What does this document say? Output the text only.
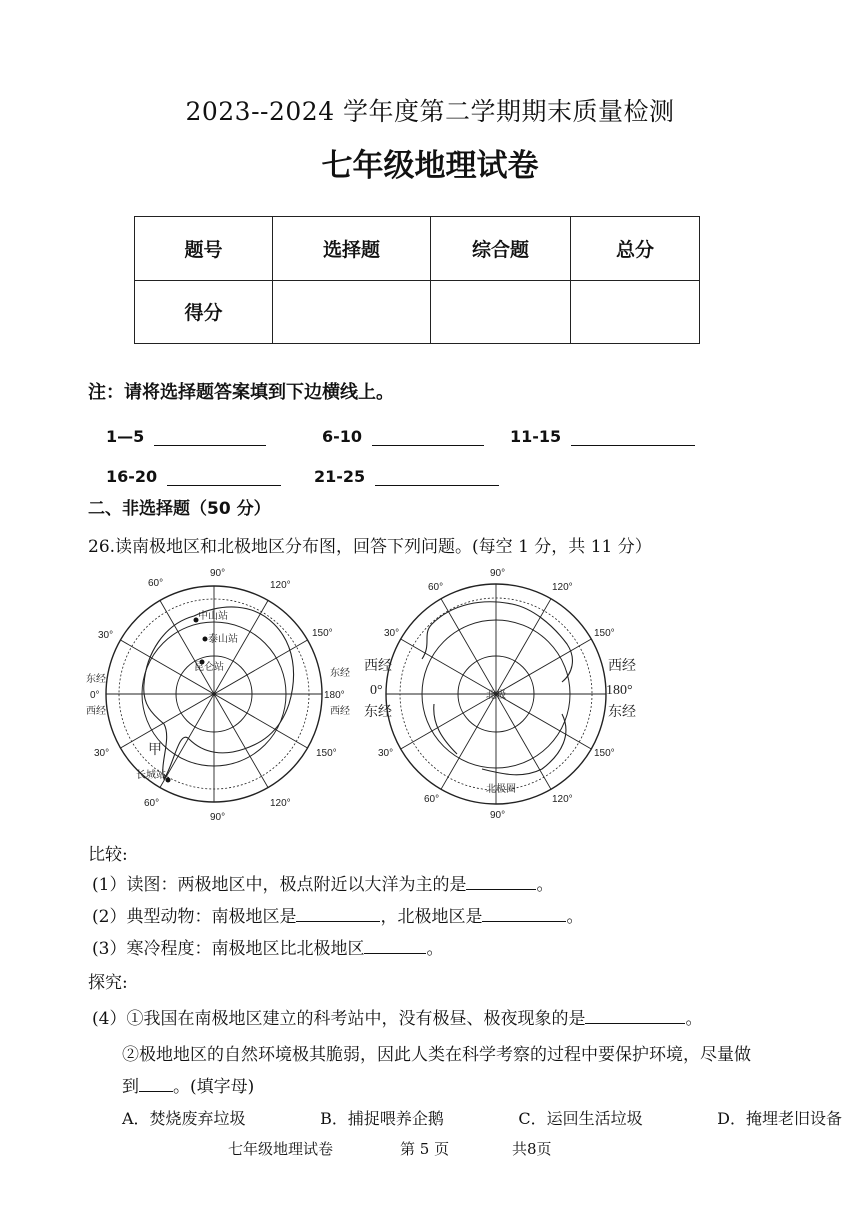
2023--2024 学年度第二学期期末质量检测
七年级地理试卷
题号	选择题	综合题	总分
得分			
注：请将选择题答案填到下边横线上。
1—5	6-10	11-15
16-20	21-25
二、非选择题（50 分）
26.读南极地区和北极地区分布图，回答下列问题。(每空 1 分，共 11 分）
90°
120°
150°
180°
150°
120°
90°
60°
30°
30°
60°
东经
0°
西经
东经
西经
中山站
泰山站
昆仑站
长城站
甲
90°
120°
150°
150°
120°
90°
60°
30°
30°
60°
西经
0°
东经
西经
180°
东经
北极
北极圈
比较:
(1）读图：两极地区中，极点附近以大洋为主的是	。
(2）典型动物：南极地区是	，北极地区是	。
(3）寒冷程度：南极地区比北极地区	。
探究:
(4）①我国在南极地区建立的科考站中，没有极昼、极夜现象的是	。
②极地地区的自然环境极其脆弱，因此人类在科学考察的过程中要保护环境，尽量做
到 。(填字母)
A．焚烧废弃垃圾	B．捕捉喂养企鹅	C．运回生活垃圾	D．掩埋老旧设备
七年级地理试卷	第 5 页	共8页
